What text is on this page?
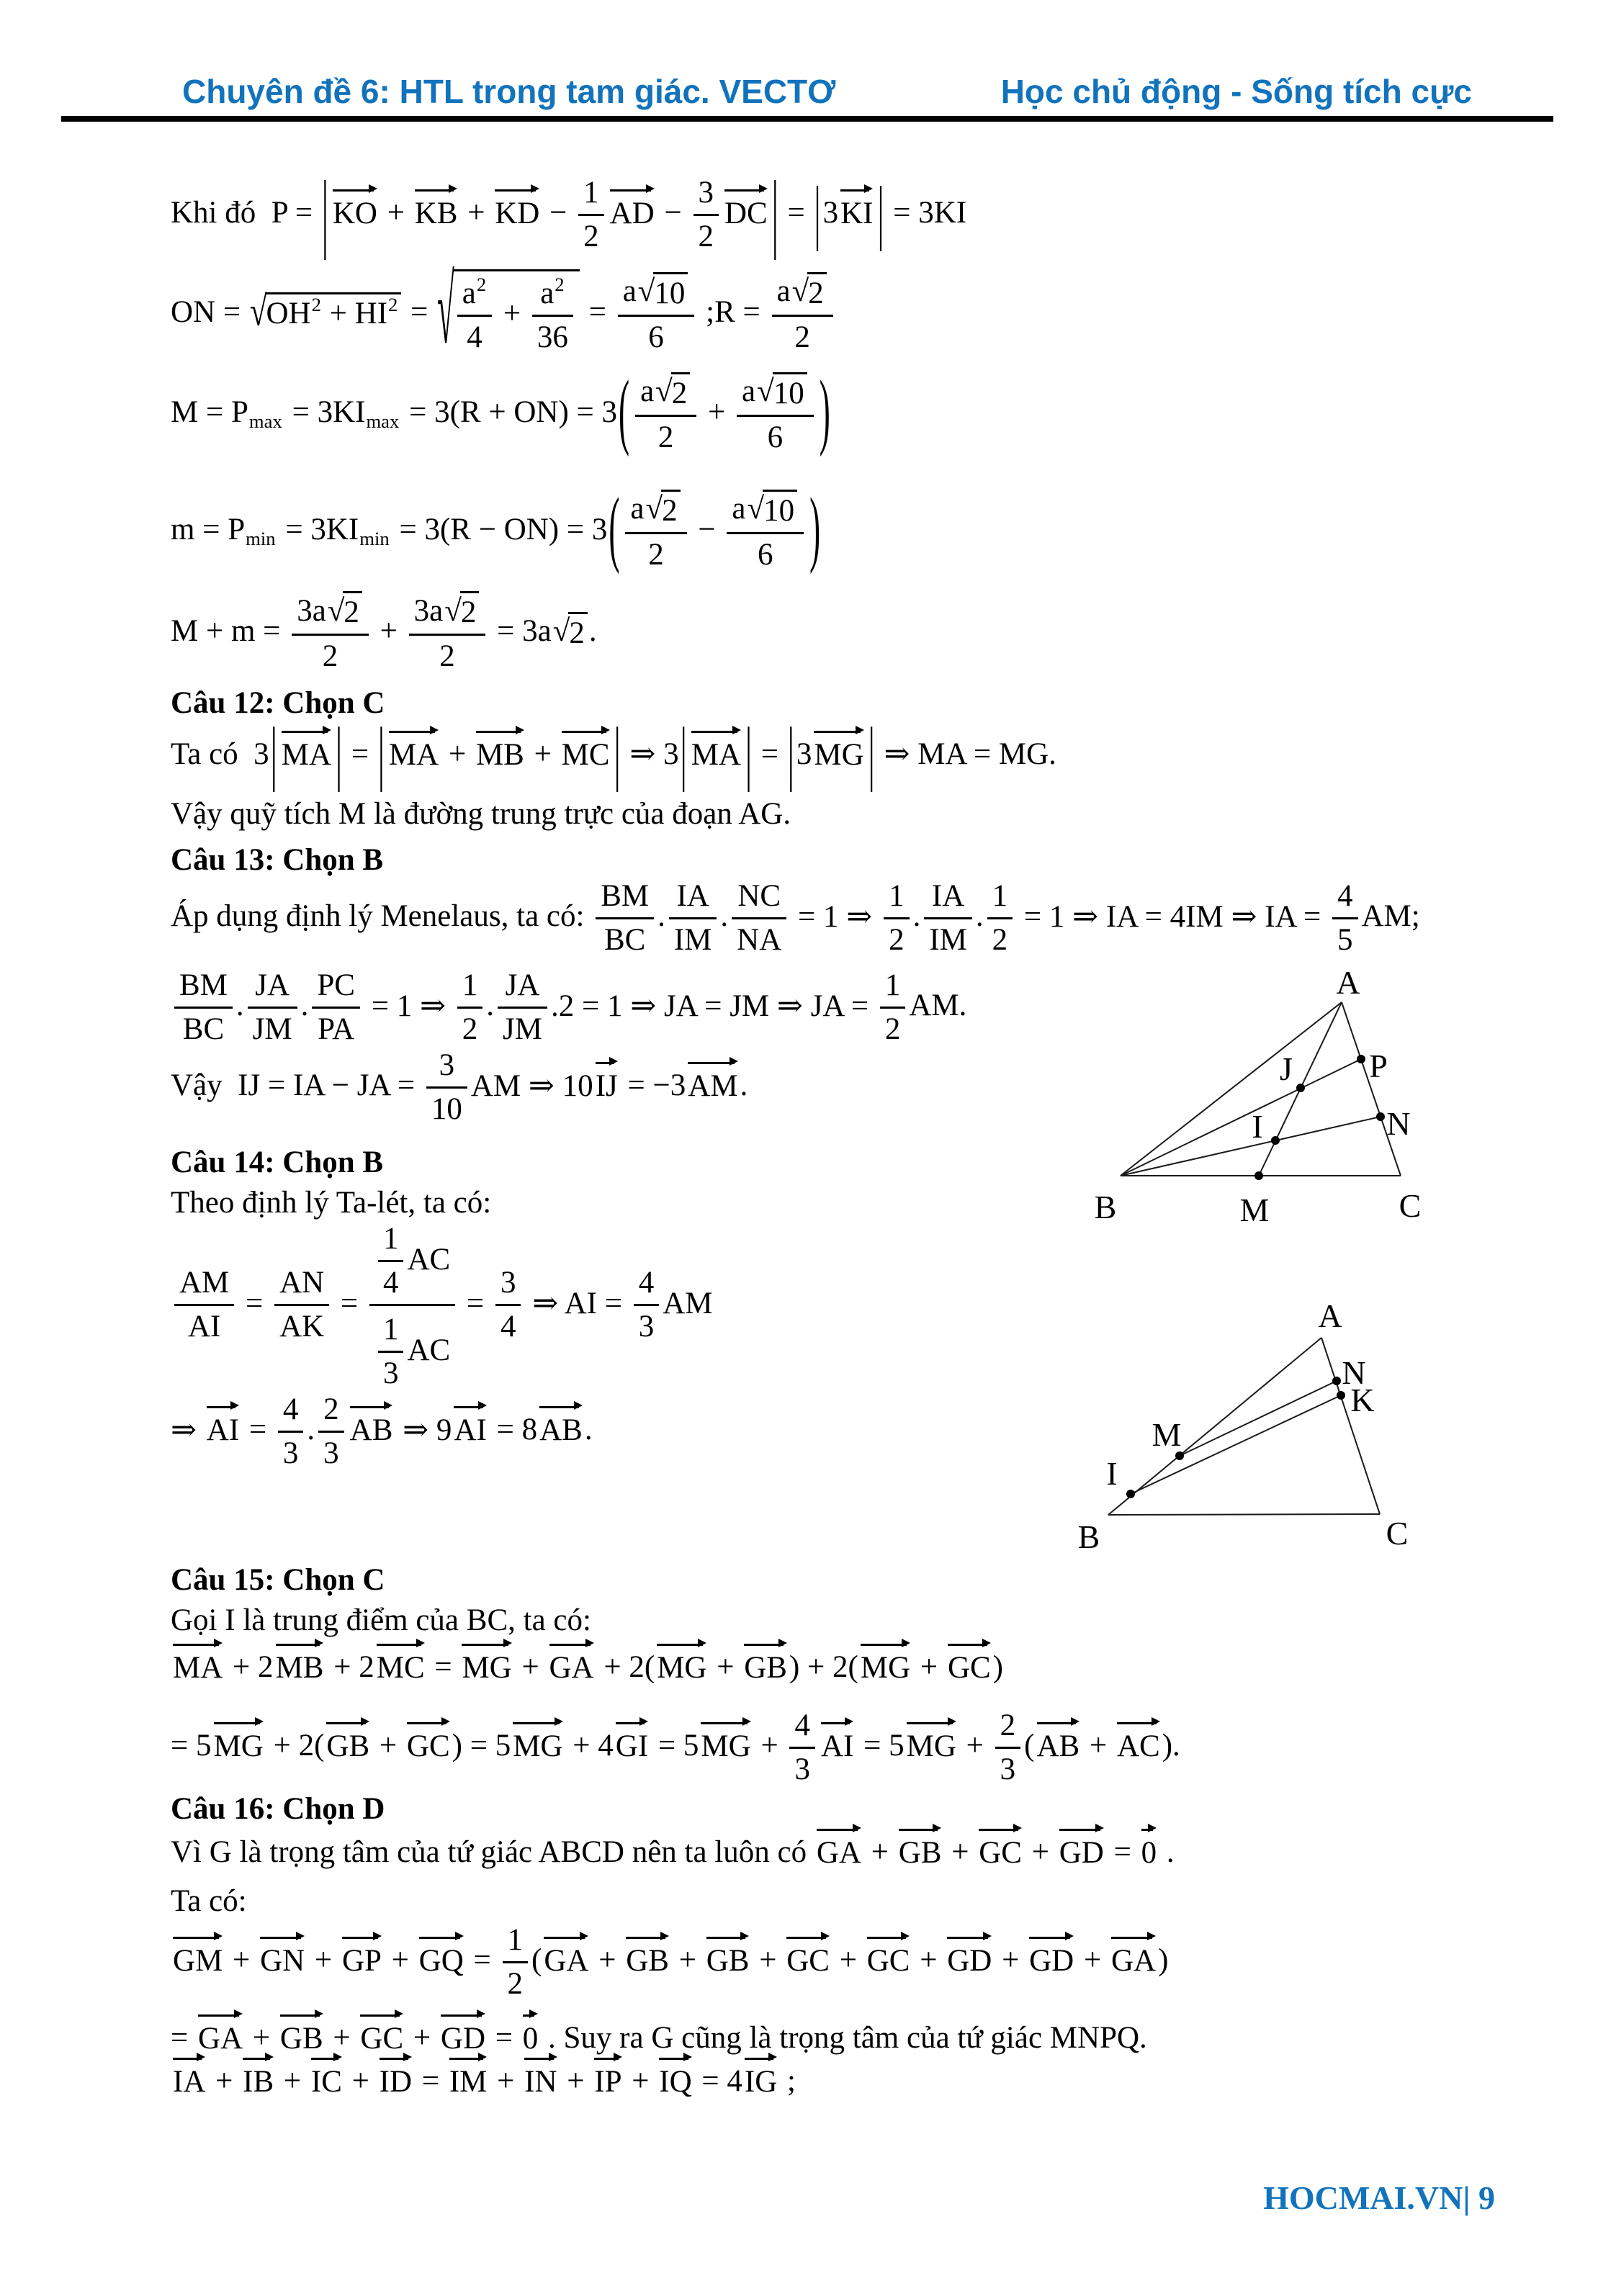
Chuyên đề 6: HTL trong tam giác. VECTƠ	Học chủ động - Sống tích cực
Khi đó  P = | KO + KB + KD − $\frac{1}{2}$ AD − $\frac{3}{2}$ DC | = | 3 KI | = 3KI
ON = √ $OH^2 + HI^2$ = √ $\frac{a^2}{4} + \frac{a^2}{36} = \frac{a √ 10}{6}$ ;R = $\frac{a √ 2}{2}$
$M = P_{max} = 3KI_{max} = 3(R + ON) = 3$ ( $\frac{a √ 2}{2} + \frac{a √ 10}{6}$ )
$m = P_{min} = 3KI_{min} = 3(R - ON) = 3$ ( $\frac{a √ 2}{2} - \frac{a √ 10}{6}$ )
$M + m = \frac{3a √ 2}{2} + \frac{3a √ 2}{2} = 3a$ √ 2 .
Câu 12: Chọn C
Ta có  3 | MA | = | MA + MB + MC | ⇒ 3 | MA | = | 3 MG | ⇒ MA = MG.
Vậy quỹ tích M là đường trung trực của đoạn AG.
Câu 13: Chọn B
Áp dụng định lý Menelaus, ta có: $\frac{BM}{BC}$ . $\frac{IA}{IM}$ . $\frac{NC}{NA} = 1$ ⇒ $\frac{1}{2}$ . $\frac{IA}{IM}$ . $\frac{1}{2} = 1$ ⇒ IA = 4IM ⇒ IA = $\frac{4}{5}$ AM;
$\frac{BM}{BC}$ . $\frac{JA}{JM}$ . $\frac{PC}{PA} = 1$ ⇒ $\frac{1}{2}$ . $\frac{JA}{JM} .2 = 1$ ⇒ JA = JM ⇒ JA = $\frac{1}{2}$ AM.
Vậy  IJ = IA − JA = $\frac{3}{10}$ AM ⇒ 10 IJ = −3 AM .
Câu 14: Chọn B
Theo định lý Ta-lét, ta có:
$\frac{AM}{AI} = \frac{AN}{AK} = \frac{\frac{1}{4} AC}{\frac{1}{3} AC} = \frac{3}{4}$ ⇒ AI = $\frac{4}{3}$ AM
⇒ AI = $\frac{4}{3}$ . $\frac{2}{3}$ AB ⇒ 9 AI = 8 AB .
Câu 15: Chọn C
Gọi I là trung điểm của BC, ta có:
MA + 2 MB + 2 MC = MG + GA + 2( MG + GB ) + 2( MG + GC )
= 5 MG + 2( GB + GC ) = 5 MG + 4 GI = 5 MG + $\frac{4}{3}$ AI = 5 MG + $\frac{2}{3}$ ( AB + AC ).
Câu 16: Chọn D
Vì G là trọng tâm của tứ giác ABCD nên ta luôn có GA + GB + GC + GD = 0 .
Ta có:
GM + GN + GP + GQ = $\frac{1}{2}$ ( GA + GB + GB + GC + GC + GD + GD + GA )
= GA + GB + GC + GD = 0 . Suy ra G cũng là trọng tâm của tứ giác MNPQ.
IA + IB + IC + ID = IM + IN + IP + IQ = 4 IG ;
HOCMAI.VN| 9
A
B	C
M
P
N
J
I
A
N
K
M
I
B	C
